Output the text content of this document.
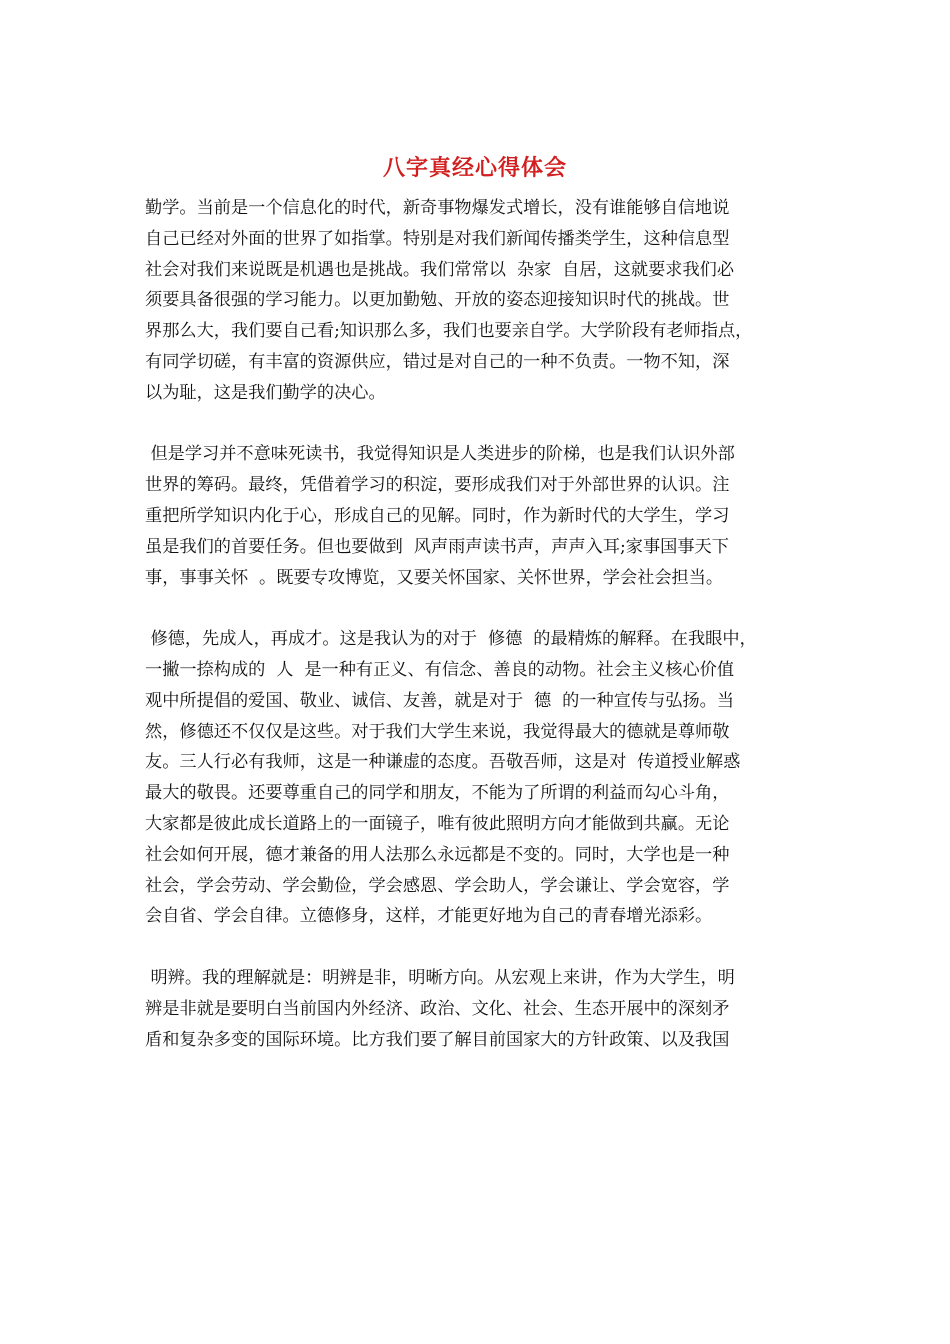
八字真经心得体会
勤学。当前是一个信息化的时代，新奇事物爆发式增长，没有谁能够自信地说
自己已经对外面的世界了如指掌。特别是对我们新闻传播类学生，这种信息型
社会对我们来说既是机遇也是挑战。我们常常以  杂家  自居，这就要求我们必
须要具备很强的学习能力。以更加勤勉、开放的姿态迎接知识时代的挑战。世
界那么大，我们要自己看;知识那么多，我们也要亲自学。大学阶段有老师指点，
有同学切磋，有丰富的资源供应，错过是对自己的一种不负责。一物不知，深
以为耻，这是我们勤学的决心。
但是学习并不意味死读书，我觉得知识是人类进步的阶梯，也是我们认识外部
世界的筹码。最终，凭借着学习的积淀，要形成我们对于外部世界的认识。注
重把所学知识内化于心，形成自己的见解。同时，作为新时代的大学生，学习
虽是我们的首要任务。但也要做到  风声雨声读书声，声声入耳;家事国事天下
事，事事关怀  。既要专攻博览，又要关怀国家、关怀世界，学会社会担当。
修德，先成人，再成才。这是我认为的对于  修德  的最精炼的解释。在我眼中，
一撇一捺构成的  人  是一种有正义、有信念、善良的动物。社会主义核心价值
观中所提倡的爱国、敬业、诚信、友善，就是对于  德  的一种宣传与弘扬。当
然，修德还不仅仅是这些。对于我们大学生来说，我觉得最大的德就是尊师敬
友。三人行必有我师，这是一种谦虚的态度。吾敬吾师，这是对  传道授业解惑
最大的敬畏。还要尊重自己的同学和朋友，不能为了所谓的利益而勾心斗角，
大家都是彼此成长道路上的一面镜子，唯有彼此照明方向才能做到共赢。无论
社会如何开展，德才兼备的用人法那么永远都是不变的。同时，大学也是一种
社会，学会劳动、学会勤俭，学会感恩、学会助人，学会谦让、学会宽容，学
会自省、学会自律。立德修身，这样，才能更好地为自己的青春增光添彩。
明辨。我的理解就是：明辨是非，明晰方向。从宏观上来讲，作为大学生，明
辨是非就是要明白当前国内外经济、政治、文化、社会、生态开展中的深刻矛
盾和复杂多变的国际环境。比方我们要了解目前国家大的方针政策、以及我国
